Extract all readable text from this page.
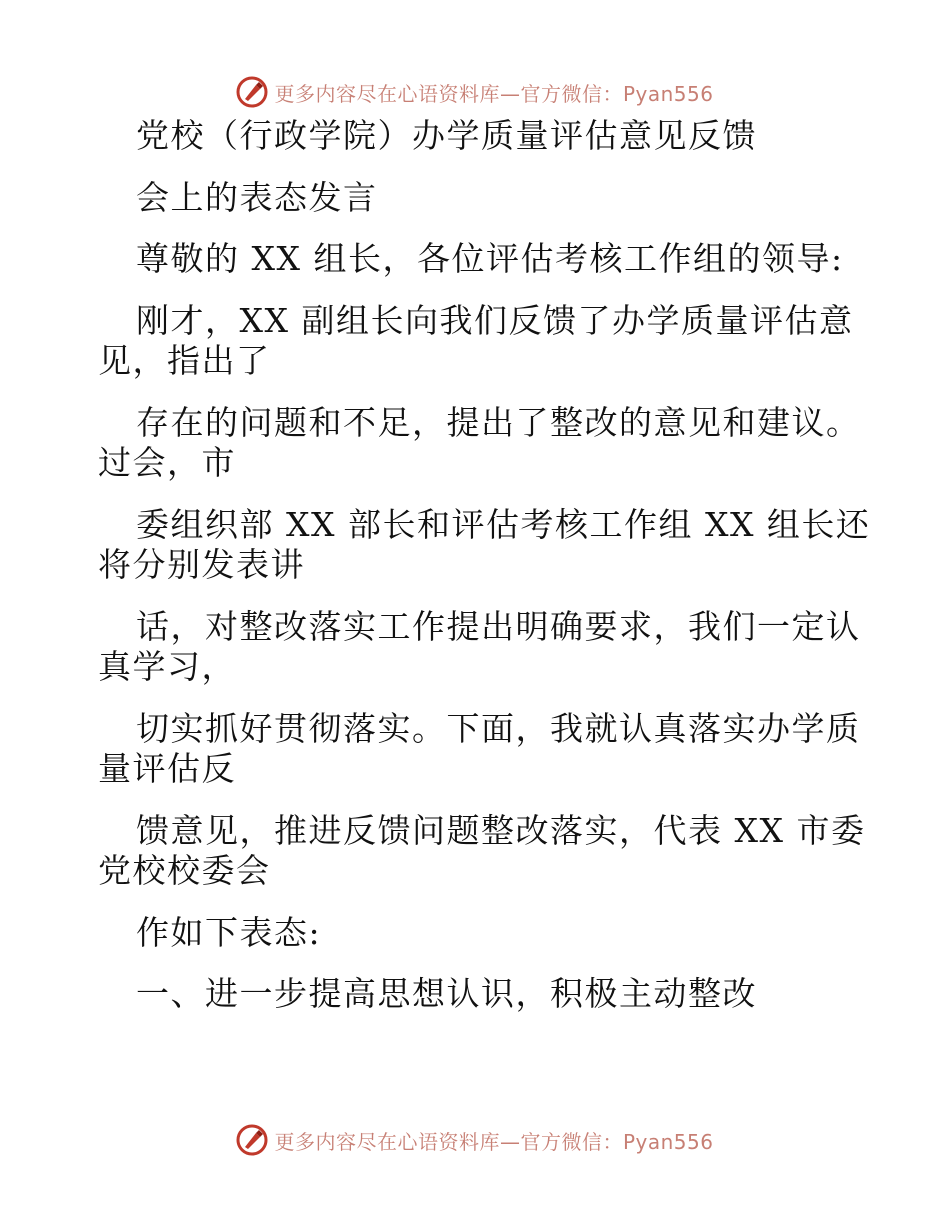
更多内容尽在心语资料库—官方微信：Pyan556
党校（行政学院）办学质量评估意见反馈
会上的表态发言
尊敬的 XX 组长，各位评估考核工作组的领导:
刚才，XX 副组长向我们反馈了办学质量评估意
见，指出了
存在的问题和不足，提出了整改的意见和建议。
过会，市
委组织部 XX 部长和评估考核工作组 XX 组长还
将分别发表讲
话，对整改落实工作提出明确要求，我们一定认
真学习，
切实抓好贯彻落实。下面，我就认真落实办学质
量评估反
馈意见，推进反馈问题整改落实，代表 XX 市委
党校校委会
作如下表态:
一、进一步提高思想认识，积极主动整改
更多内容尽在心语资料库—官方微信：Pyan556
